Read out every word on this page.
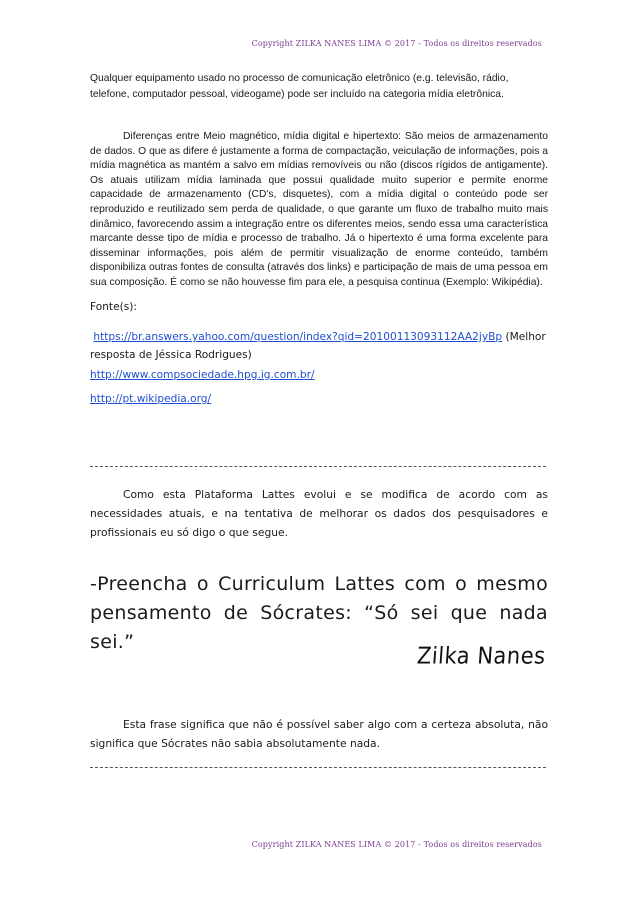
Copyright ZILKA NANES LIMA © 2017 - Todos os direitos reservados
Qualquer equipamento usado no processo de comunicação eletrônico (e.g. televisão, rádio, telefone, computador pessoal, videogame) pode ser incluído na categoria mídia eletrônica.
Diferenças entre Meio magnético, mídia digital e hipertexto: São meios de armazenamento de dados. O que as difere é justamente a forma de compactação, veiculação de informações, pois a mídia magnética as mantém a salvo em mídias removíveis ou não (discos rígidos de antigamente). Os atuais utilizam mídia laminada que possui qualidade muito superior e permite enorme capacidade de armazenamento (CD's, disquetes), com a mídia digital o conteúdo pode ser reproduzido e reutilizado sem perda de qualidade, o que garante um fluxo de trabalho muito mais dinâmico, favorecendo assim a integração entre os diferentes meios, sendo essa uma característica marcante desse tipo de mídia e processo de trabalho. Já o hipertexto é uma forma excelente para disseminar informações, pois além de permitir visualização de enorme conteúdo, também disponibiliza outras fontes de consulta (através dos links) e participação de mais de uma pessoa em sua composição. É como se não houvesse fim para ele, a pesquisa continua (Exemplo: Wikipédia).
Fonte(s):
https://br.answers.yahoo.com/question/index?qid=20100113093112AA2jyBp (Melhor resposta de Jéssica Rodrigues)
http://www.compsociedade.hpg.ig.com.br/
http://pt.wikipedia.org/
Como esta Plataforma Lattes evolui e se modifica de acordo com as necessidades atuais, e na tentativa de melhorar os dados dos pesquisadores e profissionais eu só digo o que segue.
-Preencha o Curriculum Lattes com o mesmo pensamento de Sócrates: “Só sei que nada sei.”
Zilka Nanes
Esta frase significa que não é possível saber algo com a certeza absoluta, não significa que Sócrates não sabia absolutamente nada.
Copyright ZILKA NANES LIMA © 2017 - Todos os direitos reservados
